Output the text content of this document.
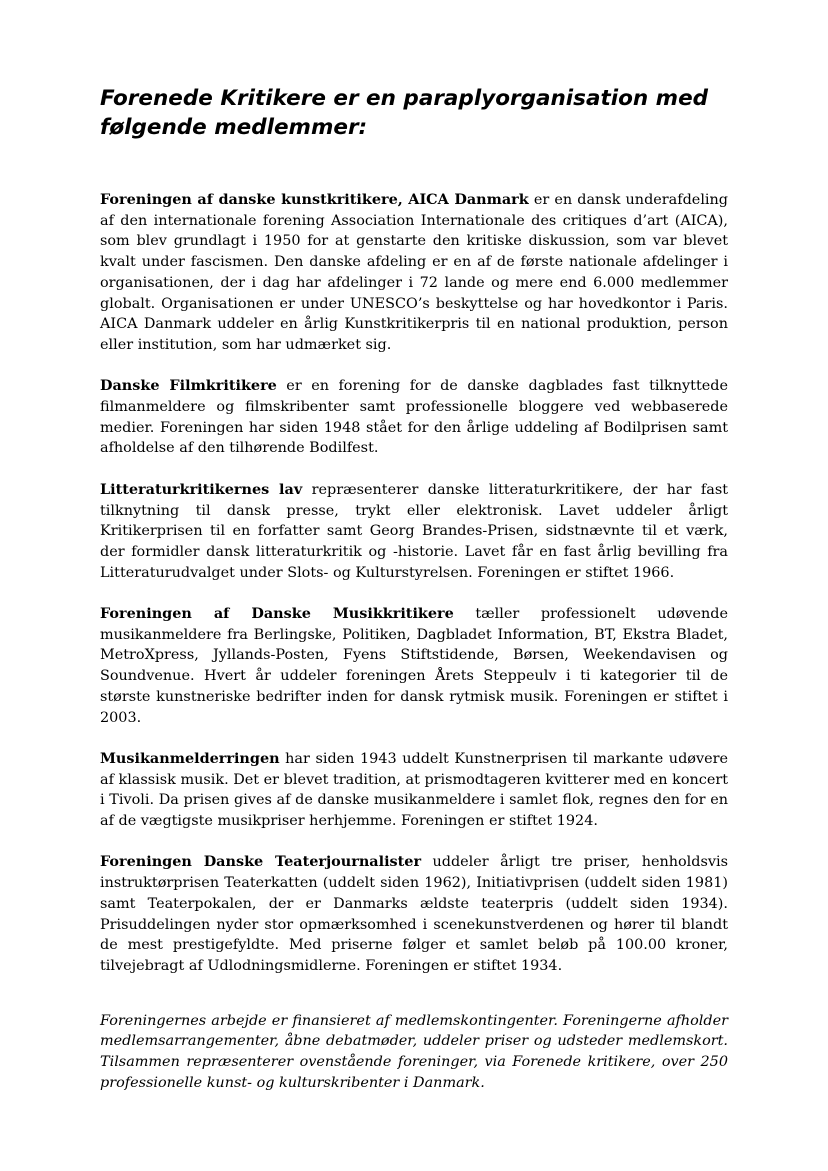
Forenede Kritikere er en paraplyorganisation med følgende medlemmer:

Foreningen af danske kunstkritikere, AICA Danmark er en dansk underafdeling af den internationale forening Association Internationale des critiques d’art (AICA), som blev grundlagt i 1950 for at genstarte den kritiske diskussion, som var blevet kvalt under fascismen. Den danske afdeling er en af de første nationale afdelinger i organisationen, der i dag har afdelinger i 72 lande og mere end 6.000 medlemmer globalt. Organisationen er under UNESCO’s beskyttelse og har hovedkontor i Paris. AICA Danmark uddeler en årlig Kunstkritikerpris til en national produktion, person eller institution, som har udmærket sig.

Danske Filmkritikere er en forening for de danske dagblades fast tilknyttede filmanmeldere og filmskribenter samt professionelle bloggere ved webbaserede medier. Foreningen har siden 1948 stået for den årlige uddeling af Bodilprisen samt afholdelse af den tilhørende Bodilfest.

Litteraturkritikernes lav repræsenterer danske litteraturkritikere, der har fast tilknytning til dansk presse, trykt eller elektronisk. Lavet uddeler årligt Kritikerprisen til en forfatter samt Georg Brandes-Prisen, sidstnævnte til et værk, der formidler dansk litteraturkritik og -historie. Lavet får en fast årlig bevilling fra Litteraturudvalget under Slots- og Kulturstyrelsen. Foreningen er stiftet 1966.

Foreningen af Danske Musikkritikere tæller professionelt udøvende musikanmeldere fra Berlingske, Politiken, Dagbladet Information, BT, Ekstra Bladet, MetroXpress, Jyllands-Posten, Fyens Stiftstidende, Børsen, Weekendavisen og Soundvenue. Hvert år uddeler foreningen Årets Steppeulv i ti kategorier til de største kunstneriske bedrifter inden for dansk rytmisk musik. Foreningen er stiftet i 2003.

Musikanmelderringen har siden 1943 uddelt Kunstnerprisen til markante udøvere af klassisk musik. Det er blevet tradition, at prismodtageren kvitterer med en koncert i Tivoli. Da prisen gives af de danske musikanmeldere i samlet flok, regnes den for en af de vægtigste musikpriser herhjemme. Foreningen er stiftet 1924.

Foreningen Danske Teaterjournalister uddeler årligt tre priser, henholdsvis instruktørprisen Teaterkatten (uddelt siden 1962), Initiativprisen (uddelt siden 1981) samt Teaterpokalen, der er Danmarks ældste teaterpris (uddelt siden 1934). Prisuddelingen nyder stor opmærksomhed i scenekunstverdenen og hører til blandt de mest prestigefyldte. Med priserne følger et samlet beløb på 100.00 kroner, tilvejebragt af Udlodningsmidlerne. Foreningen er stiftet 1934.

Foreningernes arbejde er finansieret af medlemskontingenter. Foreningerne afholder medlemsarrangementer, åbne debatmøder, uddeler priser og udsteder medlemskort. Tilsammen repræsenterer ovenstående foreninger, via Forenede kritikere, over 250 professionelle kunst- og kulturskribenter i Danmark.
